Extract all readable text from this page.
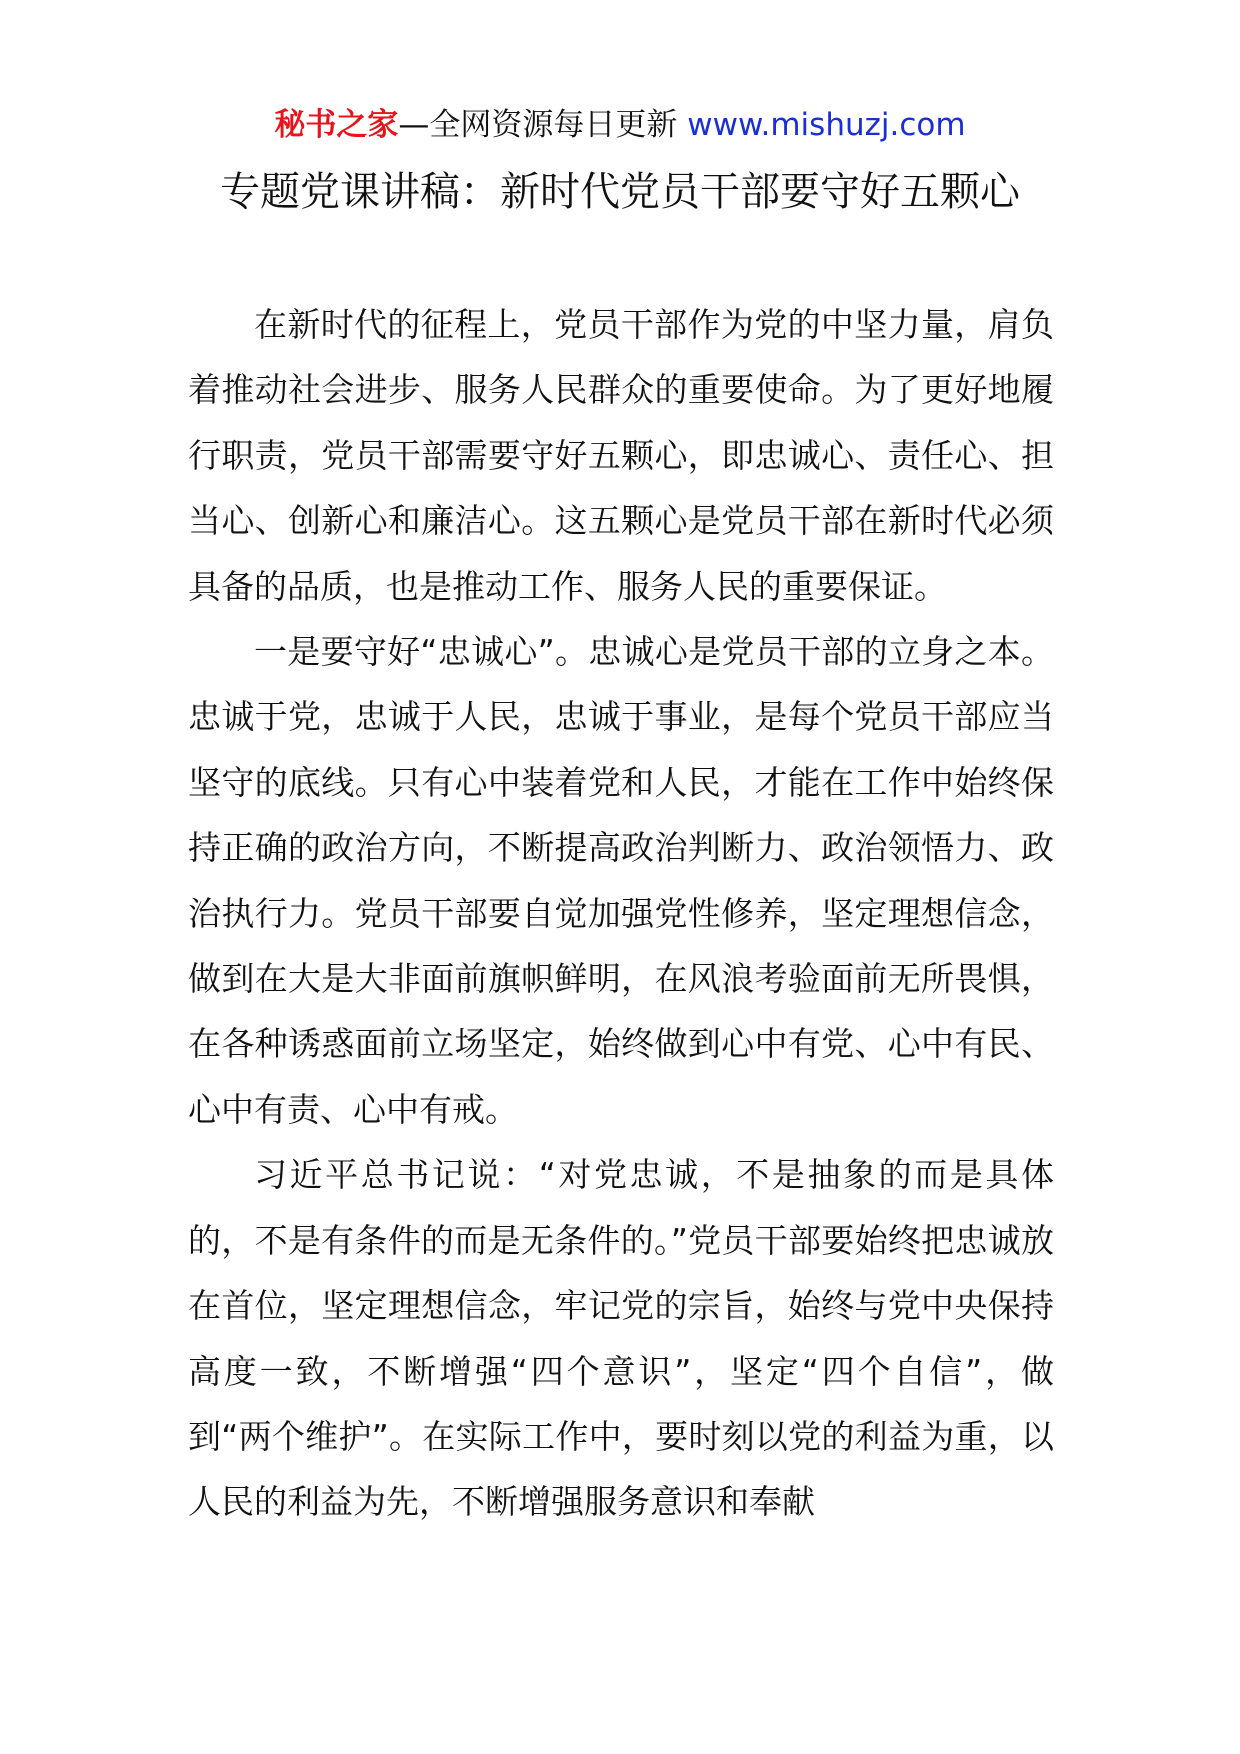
秘书之家—全网资源每日更新 www.mishuzj.com
专题党课讲稿：新时代党员干部要守好五颗心

在新时代的征程上，党员干部作为党的中坚力量，肩负着推动社会进步、服务人民群众的重要使命。为了更好地履行职责，党员干部需要守好五颗心，即忠诚心、责任心、担当心、创新心和廉洁心。这五颗心是党员干部在新时代必须具备的品质，也是推动工作、服务人民的重要保证。

一是要守好“忠诚心”。忠诚心是党员干部的立身之本。忠诚于党，忠诚于人民，忠诚于事业，是每个党员干部应当坚守的底线。只有心中装着党和人民，才能在工作中始终保持正确的政治方向，不断提高政治判断力、政治领悟力、政治执行力。党员干部要自觉加强党性修养，坚定理想信念，做到在大是大非面前旗帜鲜明，在风浪考验面前无所畏惧，在各种诱惑面前立场坚定，始终做到心中有党、心中有民、心中有责、心中有戒。

习近平总书记说：“对党忠诚，不是抽象的而是具体的，不是有条件的而是无条件的。”党员干部要始终把忠诚放在首位，坚定理想信念，牢记党的宗旨，始终与党中央保持高度一致，不断增强“四个意识”，坚定“四个自信”，做到“两个维护”。在实际工作中，要时刻以党的利益为重，以人民的利益为先，不断增强服务意识和奉献
